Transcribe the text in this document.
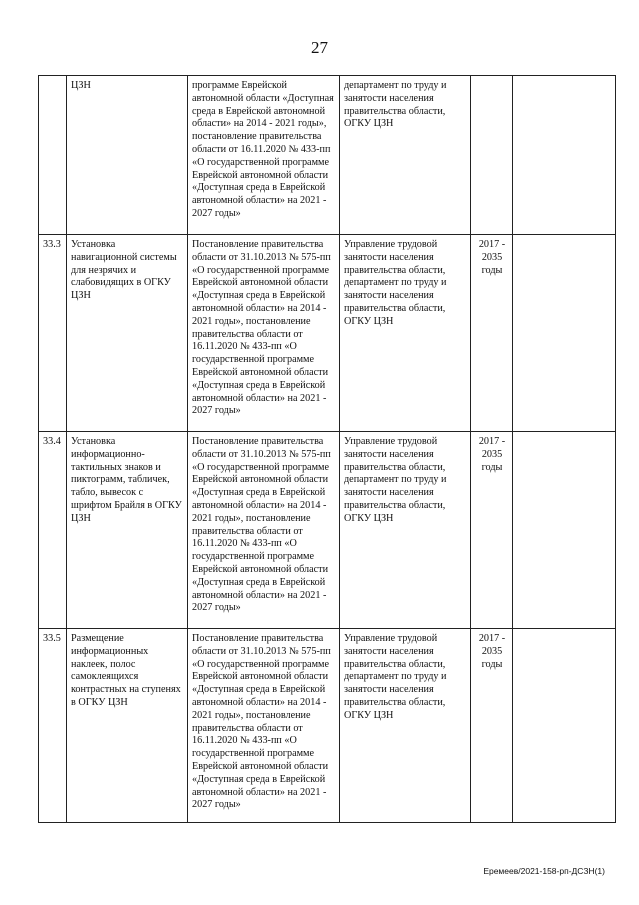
27
	ЦЗН	программе Еврейской автономной области «Доступная среда в Еврейской автономной области» на 2014 - 2021 годы», постановление правительства области от 16.11.2020 № 433-пп «О государственной программе Еврейской автономной области «Доступная среда в Еврейской автономной области» на 2021 - 2027 годы»	департамент по труду и занятости населения правительства области, ОГКУ ЦЗН		
33.3	Установка навигационной системы для незрячих и слабовидящих в ОГКУ ЦЗН	Постановление правительства области от 31.10.2013 № 575-пп «О государственной программе Еврейской автономной области «Доступная среда в Еврейской автономной области» на 2014 - 2021 годы», постановление правительства области от 16.11.2020 № 433-пп «О государственной программе Еврейской автономной области «Доступная среда в Еврейской автономной области» на 2021 - 2027 годы»	Управление трудовой занятости населения правительства области, департамент по труду и занятости населения правительства области, ОГКУ ЦЗН	2017 - 2035 годы	
33.4	Установка информационно-тактильных знаков и пиктограмм, табличек, табло, вывесок с шрифтом Брайля в ОГКУ ЦЗН	Постановление правительства области от 31.10.2013 № 575-пп «О государственной программе Еврейской автономной области «Доступная среда в Еврейской автономной области» на 2014 - 2021 годы», постановление правительства области от 16.11.2020 № 433-пп «О государственной программе Еврейской автономной области «Доступная среда в Еврейской автономной области» на 2021 - 2027 годы»	Управление трудовой занятости населения правительства области, департамент по труду и занятости населения правительства области, ОГКУ ЦЗН	2017 - 2035 годы	
33.5	Размещение информационных наклеек, полос самоклеящихся контрастных на ступенях в ОГКУ ЦЗН	Постановление правительства области от 31.10.2013 № 575-пп «О государственной программе Еврейской автономной области «Доступная среда в Еврейской автономной области» на 2014 - 2021 годы», постановление правительства области от 16.11.2020 № 433-пп «О государственной программе Еврейской автономной области «Доступная среда в Еврейской автономной области» на 2021 - 2027 годы»	Управление трудовой занятости населения правительства области, департамент по труду и занятости населения правительства области, ОГКУ ЦЗН	2017 - 2035 годы	
Еремеев/2021-158-рп-ДСЗН(1)
